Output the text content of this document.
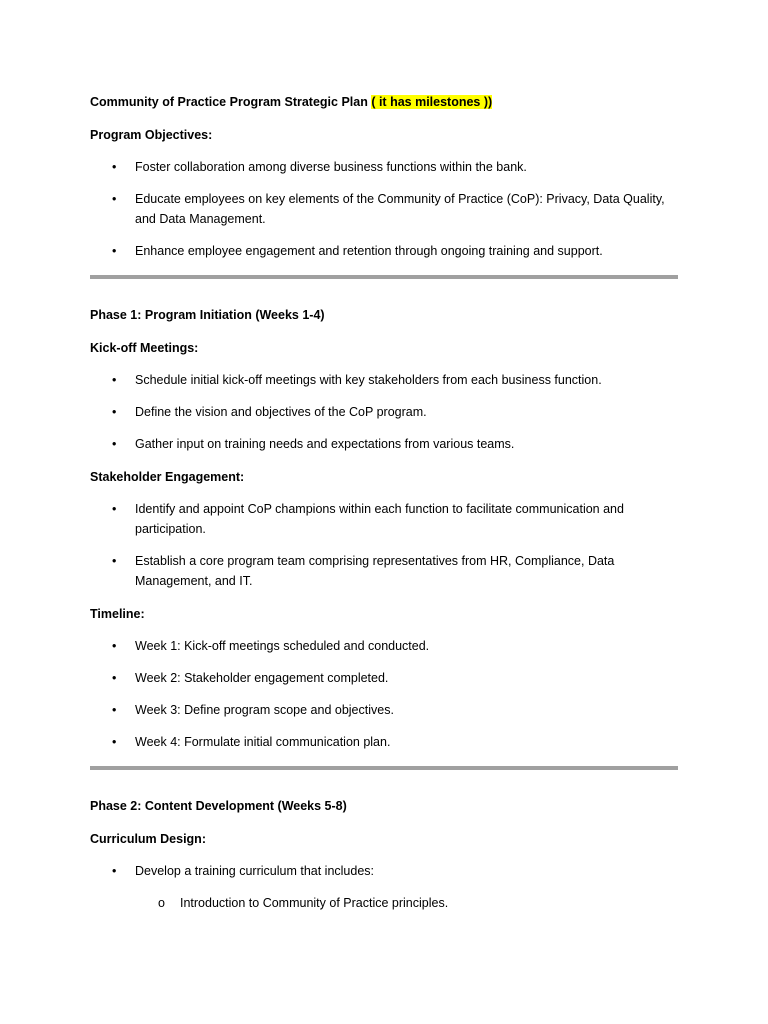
Community of Practice Program Strategic Plan ( it has milestones ))

Program Objectives:

• Foster collaboration among diverse business functions within the bank.
• Educate employees on key elements of the Community of Practice (CoP): Privacy, Data Quality, and Data Management.
• Enhance employee engagement and retention through ongoing training and support.

Phase 1: Program Initiation (Weeks 1-4)

Kick-off Meetings:

• Schedule initial kick-off meetings with key stakeholders from each business function.
• Define the vision and objectives of the CoP program.
• Gather input on training needs and expectations from various teams.

Stakeholder Engagement:

• Identify and appoint CoP champions within each function to facilitate communication and participation.
• Establish a core program team comprising representatives from HR, Compliance, Data Management, and IT.

Timeline:

• Week 1: Kick-off meetings scheduled and conducted.
• Week 2: Stakeholder engagement completed.
• Week 3: Define program scope and objectives.
• Week 4: Formulate initial communication plan.

Phase 2: Content Development (Weeks 5-8)

Curriculum Design:

• Develop a training curriculum that includes:
o Introduction to Community of Practice principles.
